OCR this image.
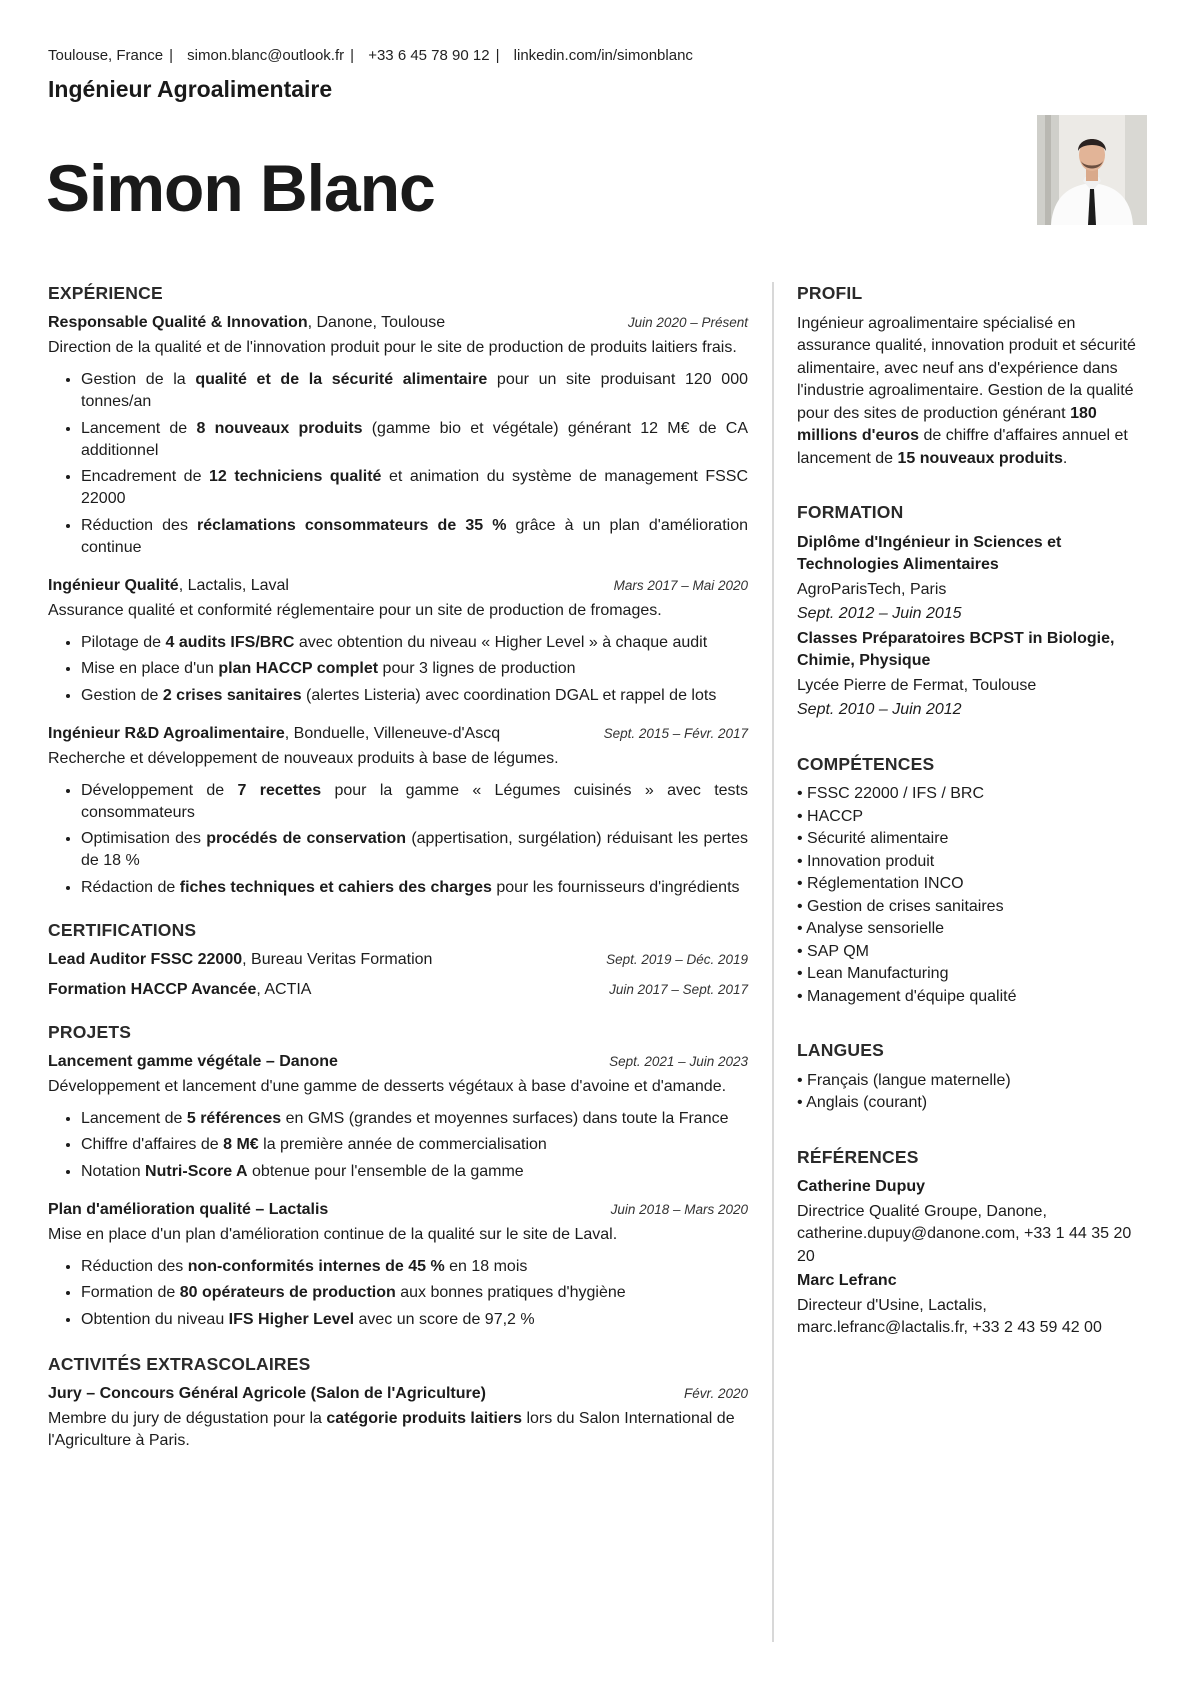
Toulouse, France | simon.blanc@outlook.fr | +33 6 45 78 90 12 | linkedin.com/in/simonblanc
Ingénieur Agroalimentaire
Simon Blanc
EXPÉRIENCE
Responsable Qualité & Innovation, Danone, Toulouse	Juin 2020 – Présent
Direction de la qualité et de l'innovation produit pour le site de production de produits laitiers frais.
• Gestion de la qualité et de la sécurité alimentaire pour un site produisant 120 000 tonnes/an
• Lancement de 8 nouveaux produits (gamme bio et végétale) générant 12 M€ de CA additionnel
• Encadrement de 12 techniciens qualité et animation du système de management FSSC 22000
• Réduction des réclamations consommateurs de 35 % grâce à un plan d'amélioration continue
Ingénieur Qualité, Lactalis, Laval	Mars 2017 – Mai 2020
Assurance qualité et conformité réglementaire pour un site de production de fromages.
• Pilotage de 4 audits IFS/BRC avec obtention du niveau « Higher Level » à chaque audit
• Mise en place d'un plan HACCP complet pour 3 lignes de production
• Gestion de 2 crises sanitaires (alertes Listeria) avec coordination DGAL et rappel de lots
Ingénieur R&D Agroalimentaire, Bonduelle, Villeneuve-d'Ascq	Sept. 2015 – Févr. 2017
Recherche et développement de nouveaux produits à base de légumes.
• Développement de 7 recettes pour la gamme « Légumes cuisinés » avec tests consommateurs
• Optimisation des procédés de conservation (appertisation, surgélation) réduisant les pertes de 18 %
• Rédaction de fiches techniques et cahiers des charges pour les fournisseurs d'ingrédients
CERTIFICATIONS
Lead Auditor FSSC 22000, Bureau Veritas Formation	Sept. 2019 – Déc. 2019
Formation HACCP Avancée, ACTIA	Juin 2017 – Sept. 2017
PROJETS
Lancement gamme végétale – Danone	Sept. 2021 – Juin 2023
Développement et lancement d'une gamme de desserts végétaux à base d'avoine et d'amande.
• Lancement de 5 références en GMS (grandes et moyennes surfaces) dans toute la France
• Chiffre d'affaires de 8 M€ la première année de commercialisation
• Notation Nutri-Score A obtenue pour l'ensemble de la gamme
Plan d'amélioration qualité – Lactalis	Juin 2018 – Mars 2020
Mise en place d'un plan d'amélioration continue de la qualité sur le site de Laval.
• Réduction des non-conformités internes de 45 % en 18 mois
• Formation de 80 opérateurs de production aux bonnes pratiques d'hygiène
• Obtention du niveau IFS Higher Level avec un score de 97,2 %
ACTIVITÉS EXTRASCOLAIRES
Jury – Concours Général Agricole (Salon de l'Agriculture)	Févr. 2020
Membre du jury de dégustation pour la catégorie produits laitiers lors du Salon International de l'Agriculture à Paris.
PROFIL

Ingénieur agroalimentaire spécialisé en assurance qualité, innovation produit et sécurité alimentaire, avec neuf ans d'expérience dans l'industrie agroalimentaire. Gestion de la qualité pour des sites de production générant 180 millions d'euros de chiffre d'affaires annuel et lancement de 15 nouveaux produits.

FORMATION
Diplôme d'Ingénieur in Sciences et Technologies Alimentaires
AgroParisTech, Paris
Sept. 2012 – Juin 2015
Classes Préparatoires BCPST in Biologie, Chimie, Physique
Lycée Pierre de Fermat, Toulouse
Sept. 2010 – Juin 2012
COMPÉTENCES
• FSSC 22000 / IFS / BRC
• HACCP
• Sécurité alimentaire
• Innovation produit
• Réglementation INCO
• Gestion de crises sanitaires
• Analyse sensorielle
• SAP QM
• Lean Manufacturing
• Management d'équipe qualité
LANGUES
• Français (langue maternelle)
• Anglais (courant)
RÉFÉRENCES
Catherine Dupuy
Directrice Qualité Groupe, Danone, catherine.dupuy@danone.com, +33 1 44 35 20 20
Marc Lefranc
Directeur d'Usine, Lactalis, marc.lefranc@lactalis.fr, +33 2 43 59 42 00
